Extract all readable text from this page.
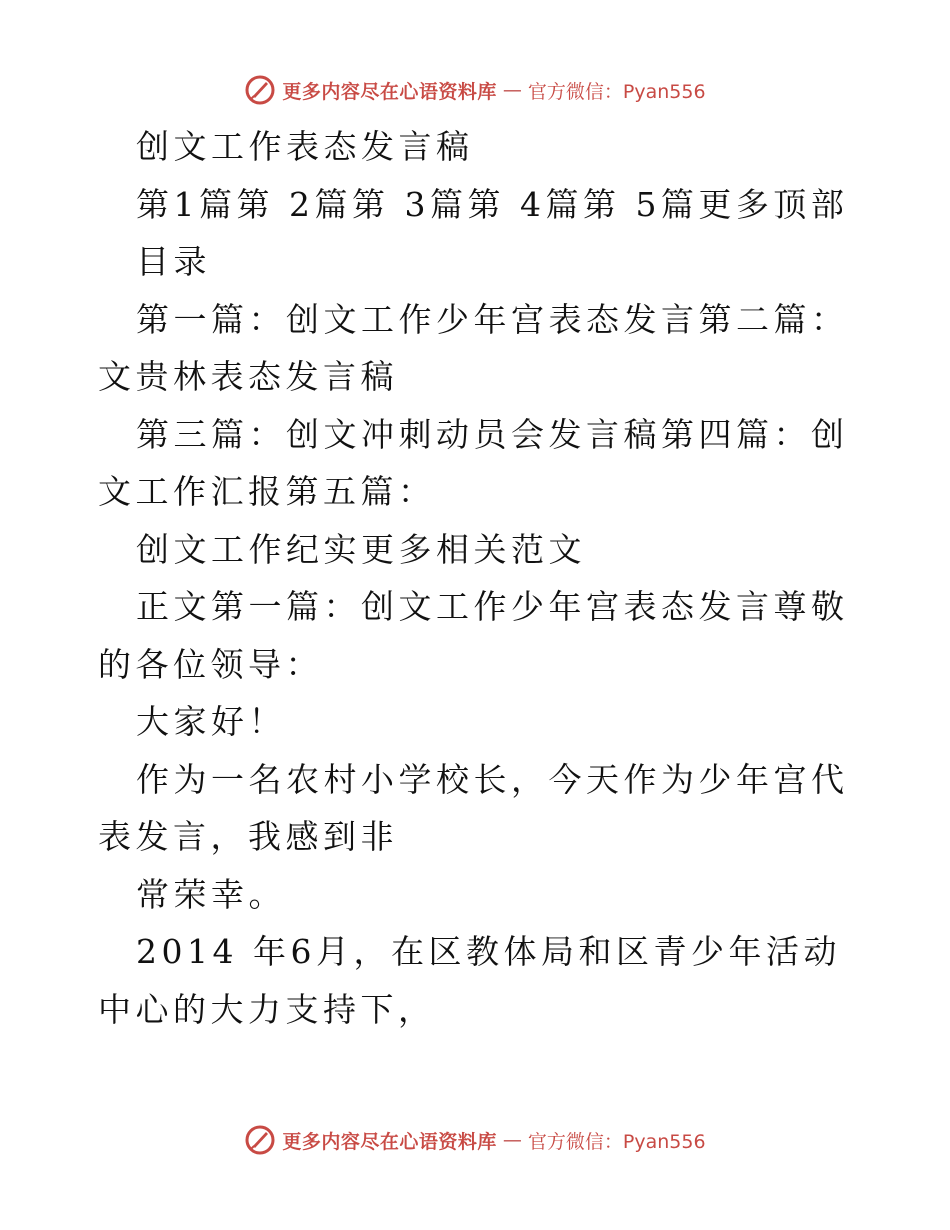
更多内容尽在心语资料库 — 官方微信：Pyan556

创文工作表态发言稿

第1篇第 2篇第 3篇第 4篇第 5篇更多顶部

目录

第一篇：创文工作少年宫表态发言第二篇：文贵林表态发言稿

第三篇：创文冲刺动员会发言稿第四篇：创文工作汇报第五篇：

创文工作纪实更多相关范文

正文第一篇：创文工作少年宫表态发言尊敬的各位领导：

大家好！

作为一名农村小学校长，今天作为少年宫代表发言，我感到非

常荣幸。

2014 年6月，在区教体局和区青少年活动中心的大力支持下，

更多内容尽在心语资料库 — 官方微信：Pyan556
